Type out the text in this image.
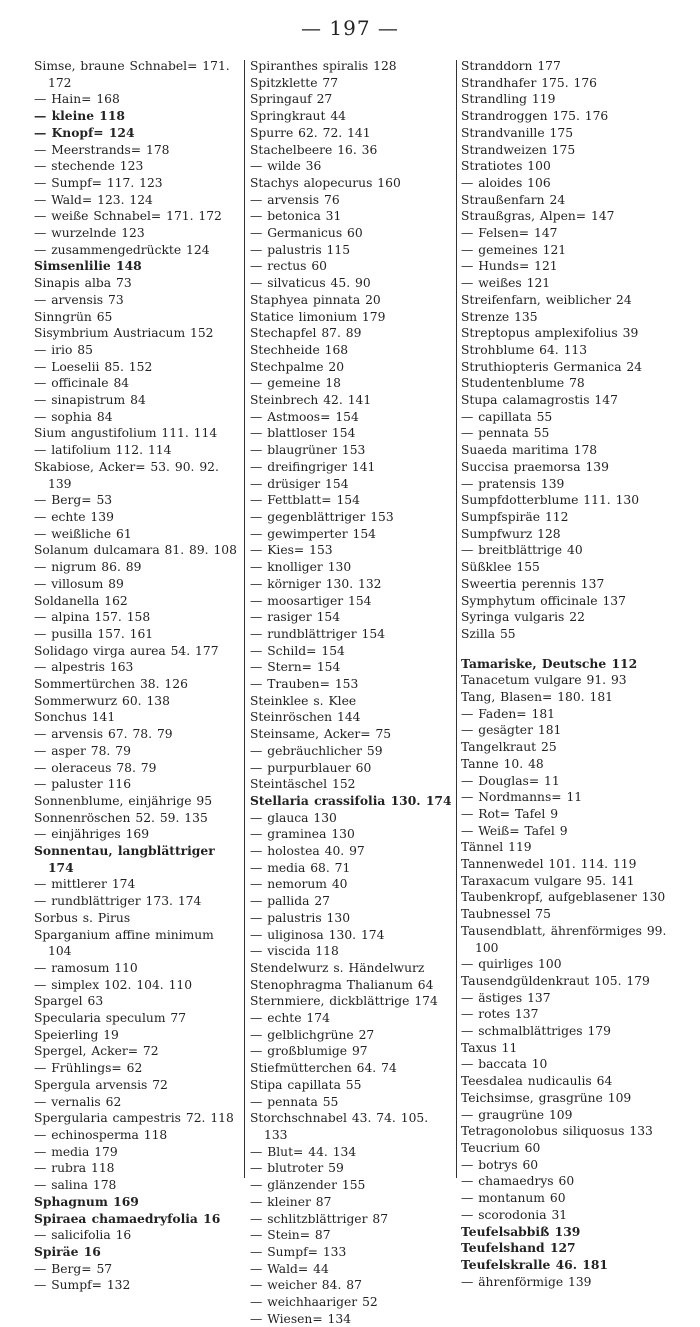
— 197 —
Simse, braune Schnabel= 171. 172
— Hain= 168
— kleine 118
— Knopf= 124
— Meerstrands= 178
— stechende 123
— Sumpf= 117. 123
— Wald= 123. 124
— weiße Schnabel= 171. 172
— wurzelnde 123
— zusammengedrückte 124
Simsenlilie 148
Sinapis alba 73
— arvensis 73
Sinngrün 65
Sisymbrium Austriacum 152
— irio 85
— Loeselii 85. 152
— officinale 84
— sinapistrum 84
— sophia 84
Sium angustifolium 111. 114
— latifolium 112. 114
Skabiose, Acker= 53. 90. 92. 139
— Berg= 53
— echte 139
— weißliche 61
Solanum dulcamara 81. 89. 108
— nigrum 86. 89
— villosum 89
Soldanella 162
— alpina 157. 158
— pusilla 157. 161
Solidago virga aurea 54. 177
— alpestris 163
Sommertürchen 38. 126
Sommerwurz 60. 138
Sonchus 141
— arvensis 67. 78. 79
— asper 78. 79
— oleraceus 78. 79
— paluster 116
Sonnenblume, einjährige 95
Sonnenröschen 52. 59. 135
— einjähriges 169
Sonnentau, langblättriger 174
— mittlerer 174
— rundblättriger 173. 174
Sorbus s. Pirus
Sparganium affine minimum 104
— ramosum 110
— simplex 102. 104. 110
Spargel 63
Specularia speculum 77
Speierling 19
Spergel, Acker= 72
— Frühlings= 62
Spergula arvensis 72
— vernalis 62
Spergularia campestris 72. 118
— echinosperma 118
— media 179
— rubra 118
— salina 178
Sphagnum 169
Spiraea chamaedryfolia 16
— salicifolia 16
Spiräe 16
— Berg= 57
— Sumpf= 132
Spiranthes spiralis 128
Spitzklette 77
Springauf 27
Springkraut 44
Spurre 62. 72. 141
Stachelbeere 16. 36
— wilde 36
Stachys alopecurus 160
— arvensis 76
— betonica 31
— Germanicus 60
— palustris 115
— rectus 60
— silvaticus 45. 90
Staphyea pinnata 20
Statice limonium 179
Stechapfel 87. 89
Stechheide 168
Stechpalme 20
— gemeine 18
Steinbrech 42. 141
— Astmoos= 154
— blattloser 154
— blaugrüner 153
— dreifingriger 141
— drüsiger 154
— Fettblatt= 154
— gegenblättriger 153
— gewimperter 154
— Kies= 153
— knolliger 130
— körniger 130. 132
— moosartiger 154
— rasiger 154
— rundblättriger 154
— Schild= 154
— Stern= 154
— Trauben= 153
Steinklee s. Klee
Steinröschen 144
Steinsame, Acker= 75
— gebräuchlicher 59
— purpurblauer 60
Steintäschel 152
Stellaria crassifolia 130. 174
— glauca 130
— graminea 130
— holostea 40. 97
— media 68. 71
— nemorum 40
— pallida 27
— palustris 130
— uliginosa 130. 174
— viscida 118
Stendelwurz s. Händelwurz
Stenophragma Thalianum 64
Sternmiere, dickblättrige 174
— echte 174
— gelblichgrüne 27
— großblumige 97
Stiefmütterchen 64. 74
Stipa capillata 55
— pennata 55
Storchschnabel 43. 74. 105. 133
— Blut= 44. 134
— blutroter 59
— glänzender 155
— kleiner 87
— schlitzblättriger 87
— Stein= 87
— Sumpf= 133
— Wald= 44
— weicher 84. 87
— weichhaariger 52
— Wiesen= 134
Stranddorn 177
Strandhafer 175. 176
Strandling 119
Strandroggen 175. 176
Strandvanille 175
Strandweizen 175
Stratiotes 100
— aloides 106
Straußenfarn 24
Straußgras, Alpen= 147
— Felsen= 147
— gemeines 121
— Hunds= 121
— weißes 121
Streifenfarn, weiblicher 24
Strenze 135
Streptopus amplexifolius 39
Strohblume 64. 113
Struthiopteris Germanica 24
Studentenblume 78
Stupa calamagrostis 147
— capillata 55
— pennata 55
Suaeda maritima 178
Succisa praemorsa 139
— pratensis 139
Sumpfdotterblume 111. 130
Sumpfspiräe 112
Sumpfwurz 128
— breitblättrige 40
Süßklee 155
Sweertia perennis 137
Symphytum officinale 137
Syringa vulgaris 22
Szilla 55
Tamariske, Deutsche 112
Tanacetum vulgare 91. 93
Tang, Blasen= 180. 181
— Faden= 181
— gesägter 181
Tangelkraut 25
Tanne 10. 48
— Douglas= 11
— Nordmanns= 11
— Rot= Tafel 9
— Weiß= Tafel 9
Tännel 119
Tannenwedel 101. 114. 119
Taraxacum vulgare 95. 141
Taubenkropf, aufgeblasener 130
Taubnessel 75
Tausendblatt, ährenförmiges 99. 100
— quirliges 100
Tausendgüldenkraut 105. 179
— ästiges 137
— rotes 137
— schmalblättriges 179
Taxus 11
— baccata 10
Teesdalea nudicaulis 64
Teichsimse, grasgrüne 109
— graugrüne 109
Tetragonolobus siliquosus 133
Teucrium 60
— botrys 60
— chamaedrys 60
— montanum 60
— scorodonia 31
Teufelsabbiß 139
Teufelshand 127
Teufelskralle 46. 181
— ährenförmige 139
